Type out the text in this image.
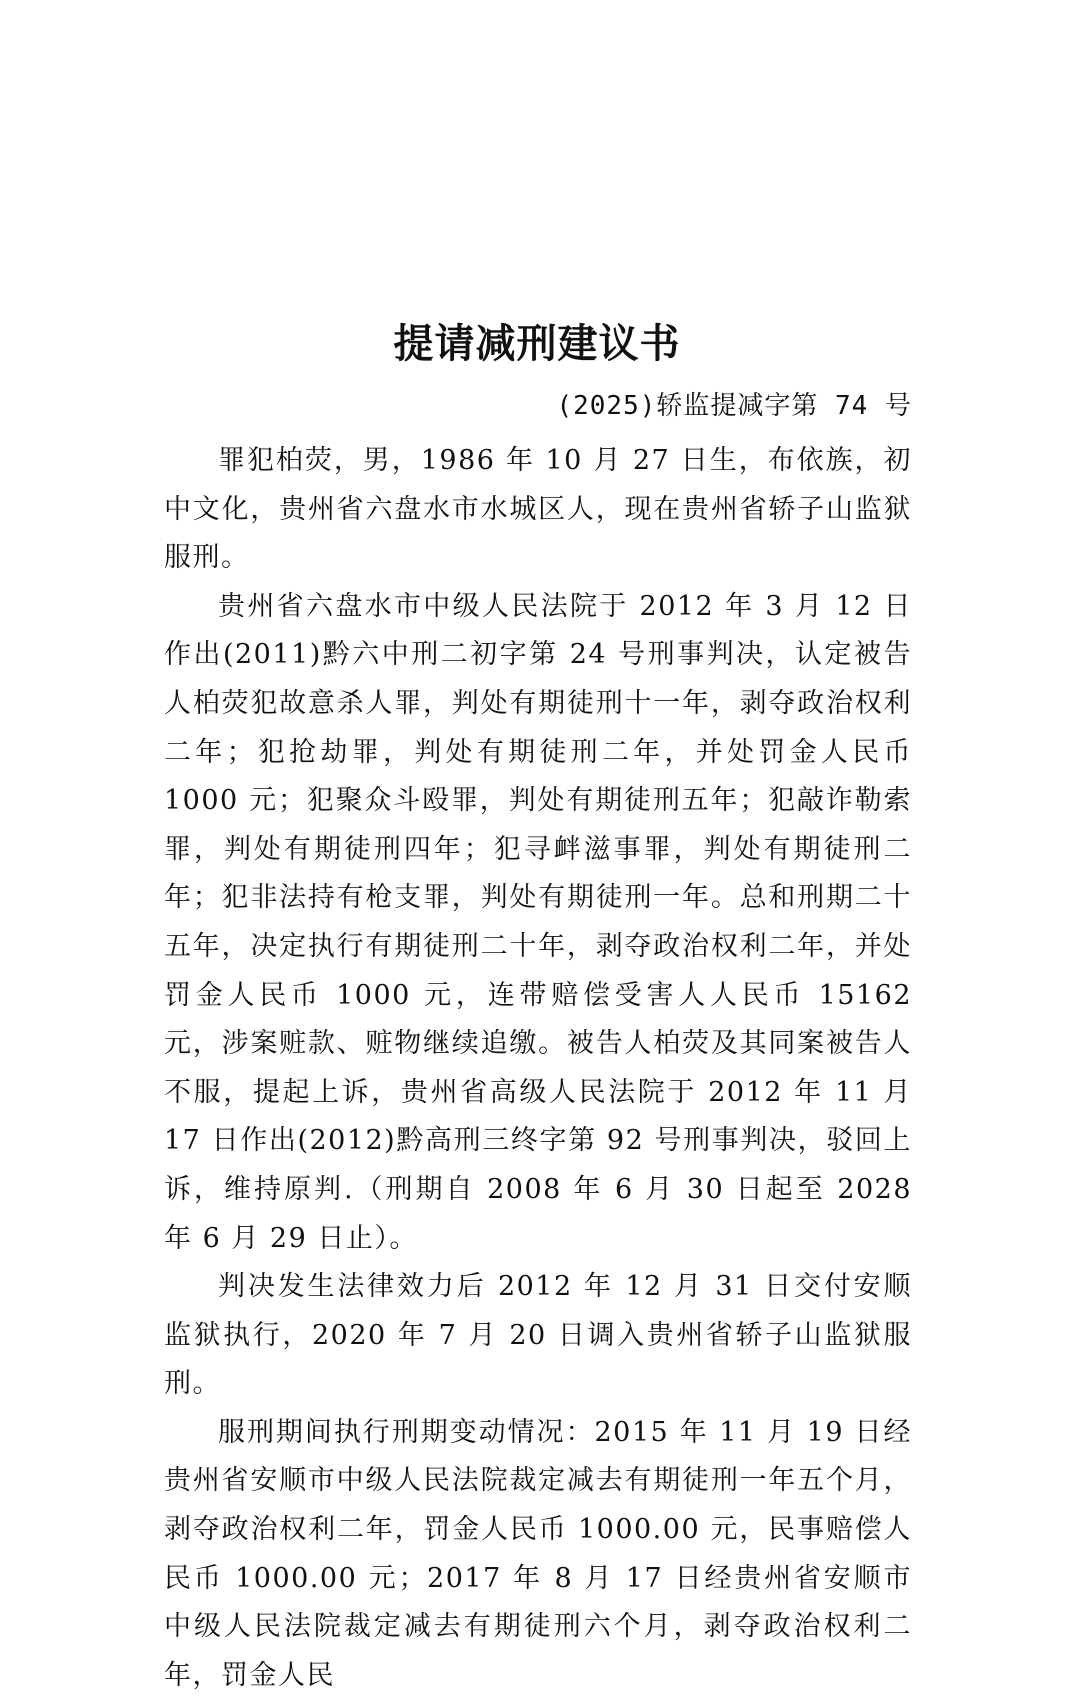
提请减刑建议书
(2025)轿监提减字第 74 号

罪犯柏荧，男，1986 年 10 月 27 日生，布依族，初中文化，贵州省六盘水市水城区人，现在贵州省轿子山监狱服刑。

贵州省六盘水市中级人民法院于 2012 年 3 月 12 日作出(2011)黔六中刑二初字第 24 号刑事判决，认定被告人柏荧犯故意杀人罪，判处有期徒刑十一年，剥夺政治权利二年；犯抢劫罪，判处有期徒刑二年，并处罚金人民币 1000 元；犯聚众斗殴罪，判处有期徒刑五年；犯敲诈勒索罪，判处有期徒刑四年；犯寻衅滋事罪，判处有期徒刑二年；犯非法持有枪支罪，判处有期徒刑一年。总和刑期二十五年，决定执行有期徒刑二十年，剥夺政治权利二年，并处罚金人民币 1000 元，连带赔偿受害人人民币 15162 元，涉案赃款、赃物继续追缴。被告人柏荧及其同案被告人不服，提起上诉，贵州省高级人民法院于 2012 年 11 月 17 日作出(2012)黔高刑三终字第 92 号刑事判决，驳回上诉，维持原判.（刑期自 2008 年 6 月 30 日起至 2028 年 6 月 29 日止）。

判决发生法律效力后 2012 年 12 月 31 日交付安顺监狱执行，2020 年 7 月 20 日调入贵州省轿子山监狱服刑。

服刑期间执行刑期变动情况：2015 年 11 月 19 日经贵州省安顺市中级人民法院裁定减去有期徒刑一年五个月，剥夺政治权利二年，罚金人民币 1000.00 元，民事赔偿人民币 1000.00 元；2017 年 8 月 17 日经贵州省安顺市中级人民法院裁定减去有期徒刑六个月，剥夺政治权利二年，罚金人民
